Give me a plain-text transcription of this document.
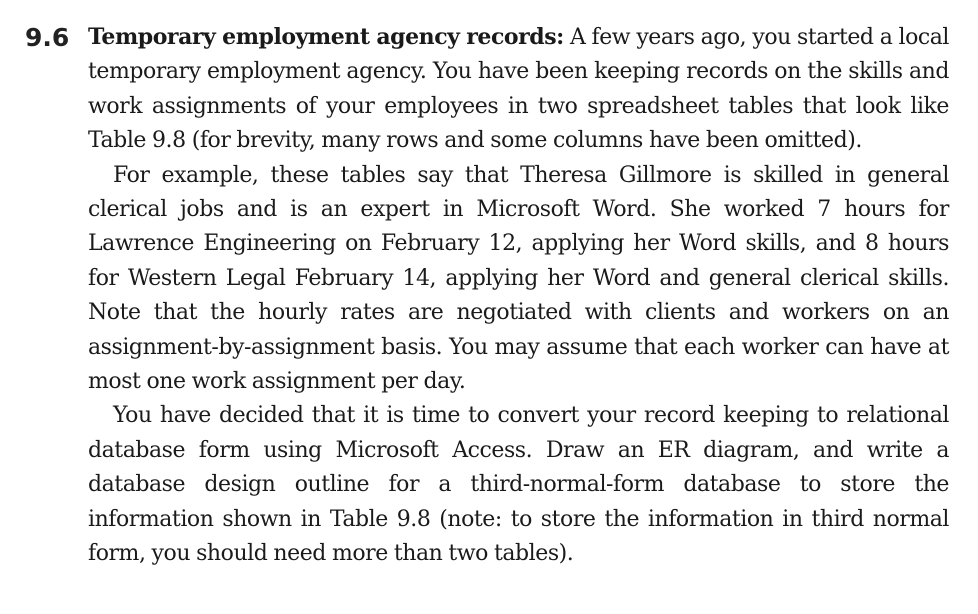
9.6 Temporary employment agency records: A few years ago, you started a local temporary employment agency. You have been keeping records on the skills and work assignments of your employees in two spreadsheet tables that look like Table 9.8 (for brevity, many rows and some columns have been omitted).

For example, these tables say that Theresa Gillmore is skilled in general clerical jobs and is an expert in Microsoft Word. She worked 7 hours for Lawrence Engineering on February 12, applying her Word skills, and 8 hours for Western Legal February 14, applying her Word and general clerical skills. Note that the hourly rates are negotiated with clients and workers on an assignment-by-assignment basis. You may assume that each worker can have at most one work assignment per day.

You have decided that it is time to convert your record keeping to relational database form using Microsoft Access. Draw an ER diagram, and write a database design outline for a third-normal-form database to store the information shown in Table 9.8 (note: to store the information in third normal form, you should need more than two tables).
